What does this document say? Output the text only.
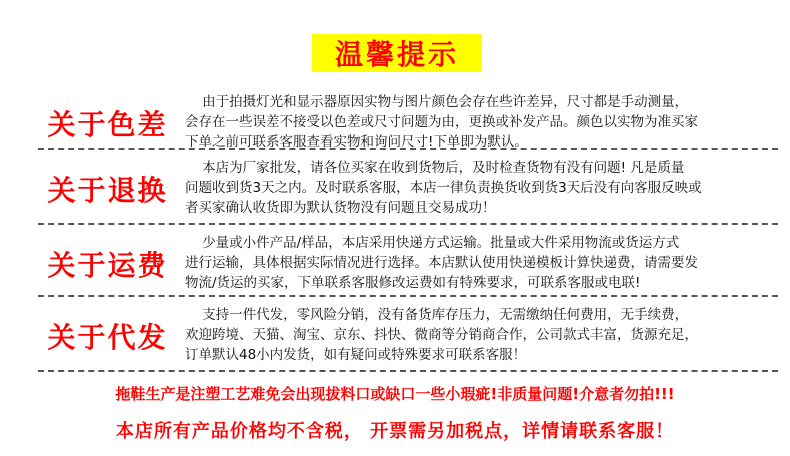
温馨提示
关于色差
由于拍摄灯光和显示器原因实物与图片颜色会存在些许差异，尺寸都是手动测量，
会存在一些误差不接受以色差或尺寸问题为由，更换或补发产品。颜色以实物为准买家
下单之前可联系客服查看实物和询问尺寸!下单即为默认。
关于退换
本店为厂家批发，请各位买家在收到货物后，及时检查货物有没有问题! 凡是质量
问题收到货3天之内。及时联系客服，本店一律负责换货收到货3天后没有向客服反映或
者买家确认收货即为默认货物没有问题且交易成功！
关于运费
少量或小件产品/样品，本店采用快递方式运输。批量或大件采用物流或货运方式
进行运输，具体根据实际情况进行选择。本店默认使用快递模板计算快递费，请需要发
物流/货运的买家，下单联系客服修改运费如有特殊要求，可联系客服或电联!
关于代发
支持一件代发，零风险分销，没有备货库存压力，无需缴纳任何费用，无手续费，
欢迎跨境、天猫、淘宝、京东、抖快、微商等分销商合作，公司款式丰富，货源充足，
订单默认48小内发货，如有疑问或特殊要求可联系客服！
拖鞋生产是注塑工艺难免会出现拔料口或缺口一些小瑕疵!非质量问题!介意者勿拍!!!
本店所有产品价格均不含税， 开票需另加税点，详情请联系客服！
